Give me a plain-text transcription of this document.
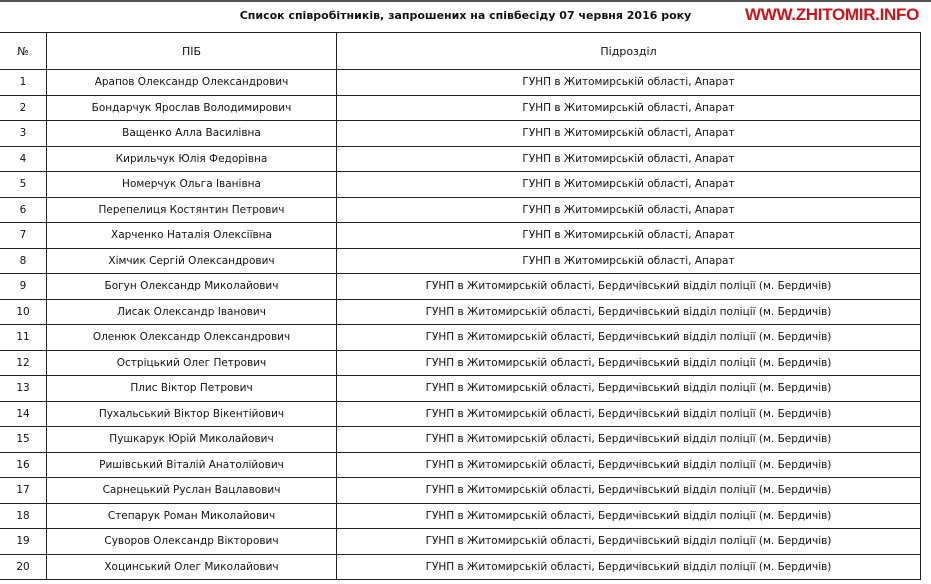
Список співробітників, запрошених на співбесіду 07 червня 2016 року
№	ПІБ	Підрозділ
1	Арапов Олександр Олександрович	ГУНП в Житомирській області, Апарат
2	Бондарчук Ярослав Володимирович	ГУНП в Житомирській області, Апарат
3	Ващенко Алла Василівна	ГУНП в Житомирській області, Апарат
4	Кирильчук Юлія Федорівна	ГУНП в Житомирській області, Апарат
5	Номерчук Ольга Іванівна	ГУНП в Житомирській області, Апарат
6	Перепелиця Костянтин Петрович	ГУНП в Житомирській області, Апарат
7	Харченко Наталія Олексіївна	ГУНП в Житомирській області, Апарат
8	Хімчик Сергій Олександрович	ГУНП в Житомирській області, Апарат
9	Богун Олександр Миколайович	ГУНП в Житомирській області, Бердичівський відділ поліції (м. Бердичів)
10	Лисак Олександр Іванович	ГУНП в Житомирській області, Бердичівський відділ поліції (м. Бердичів)
11	Оленюк Олександр Олександрович	ГУНП в Житомирській області, Бердичівський відділ поліції (м. Бердичів)
12	Острiцький Олег Петрович	ГУНП в Житомирській області, Бердичівський відділ поліції (м. Бердичів)
13	Плис Віктор Петрович	ГУНП в Житомирській області, Бердичівський відділ поліції (м. Бердичів)
14	Пухальський Віктор Вікентійович	ГУНП в Житомирській області, Бердичівський відділ поліції (м. Бердичів)
15	Пушкарук Юрій Миколайович	ГУНП в Житомирській області, Бердичівський відділ поліції (м. Бердичів)
16	Ришівський Віталій Анатолійович	ГУНП в Житомирській області, Бердичівський відділ поліції (м. Бердичів)
17	Сарнецький Руслан Вацлавович	ГУНП в Житомирській області, Бердичівський відділ поліції (м. Бердичів)
18	Степарук Роман Миколайович	ГУНП в Житомирській області, Бердичівський відділ поліції (м. Бердичів)
19	Суворов Олександр Вікторович	ГУНП в Житомирській області, Бердичівський відділ поліції (м. Бердичів)
20	Хоцинський Олег Миколайович	ГУНП в Житомирській області, Бердичівський відділ поліції (м. Бердичів)
WWW.ZHITOMIR.INFO
